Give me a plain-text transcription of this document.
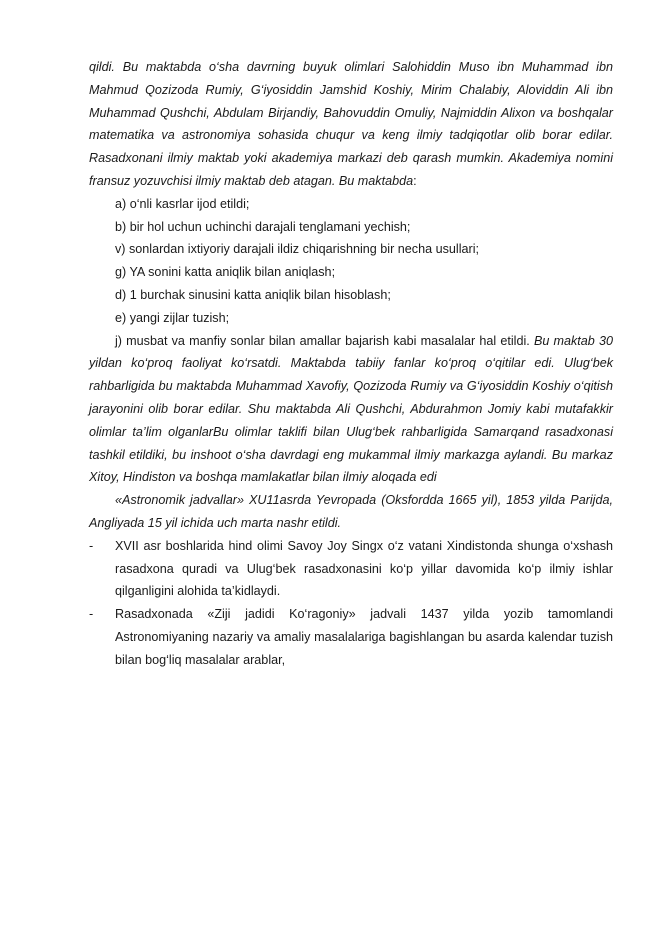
qildi. Bu maktabda o‘sha davrning buyuk olimlari Salohiddin Muso ibn Muhammad ibn Mahmud Qozizoda Rumiy, G‘iyosiddin Jamshid Koshiy, Mirim Chalabiy, Aloviddin Ali ibn Muhammad Qushchi, Abdulam Birjandiy, Bahovuddin Omuliy, Najmiddin Alixon va boshqalar matematika va astronomiya sohasida chuqur va keng ilmiy tadqiqotlar olib borar edilar. Rasadxonani ilmiy maktab yoki akademiya markazi deb qarash mumkin. Akademiya nomini fransuz yozuvchisi ilmiy maktab deb atagan. Bu maktabda:

a) o‘nli kasrlar ijod etildi;

b) bir hol uchun uchinchi darajali tenglamani yechish;

v) sonlardan ixtiyoriy darajali ildiz chiqarishning bir necha usullari;

g) YA sonini katta aniqlik bilan aniqlash;

d) 1 burchak sinusini katta aniqlik bilan hisoblash;

e) yangi zijlar tuzish;

j) musbat va manfiy sonlar bilan amallar bajarish kabi masalalar hal etildi. Bu maktab 30 yildan ko‘proq faoliyat ko‘rsatdi. Maktabda tabiiy fanlar ko‘proq o‘qitilar edi. Ulug‘bek rahbarligida bu maktabda Muhammad Xavofiy, Qozizoda Rumiy va G‘iyosiddin Koshiy o‘qitish jarayonini olib borar edilar. Shu maktabda Ali Qushchi, Abdurahmon Jomiy kabi mutafakkir olimlar ta’lim olganlarBu olimlar taklifi bilan Ulug‘bek rahbarligida Samarqand rasadxonasi tashkil etildiki, bu inshoot o‘sha davrdagi eng mukammal ilmiy markazga aylandi. Bu markaz Xitoy, Hindiston va boshqa mamlakatlar bilan ilmiy aloqada edi

«Astronomik jadvallar» XU11asrda Yevropada (Oksfordda 1665 yil), 1853 yilda Parijda, Angliyada 15 yil ichida uch marta nashr etildi.

- XVII asr boshlarida hind olimi Savoy Joy Singx o‘z vatani Xindistonda shunga o‘xshash rasadxona quradi va Ulug‘bek rasadxonasini ko‘p yillar davomida ko‘p ilmiy ishlar qilganligini alohida ta’kidlaydi.
- Rasadxonada «Ziji jadidi Ko‘ragoniy» jadvali 1437 yilda yozib tamomlandi Astronomiyaning nazariy va amaliy masalalariga bagishlangan bu asarda kalendar tuzish bilan bog‘liq masalalar arablar,
